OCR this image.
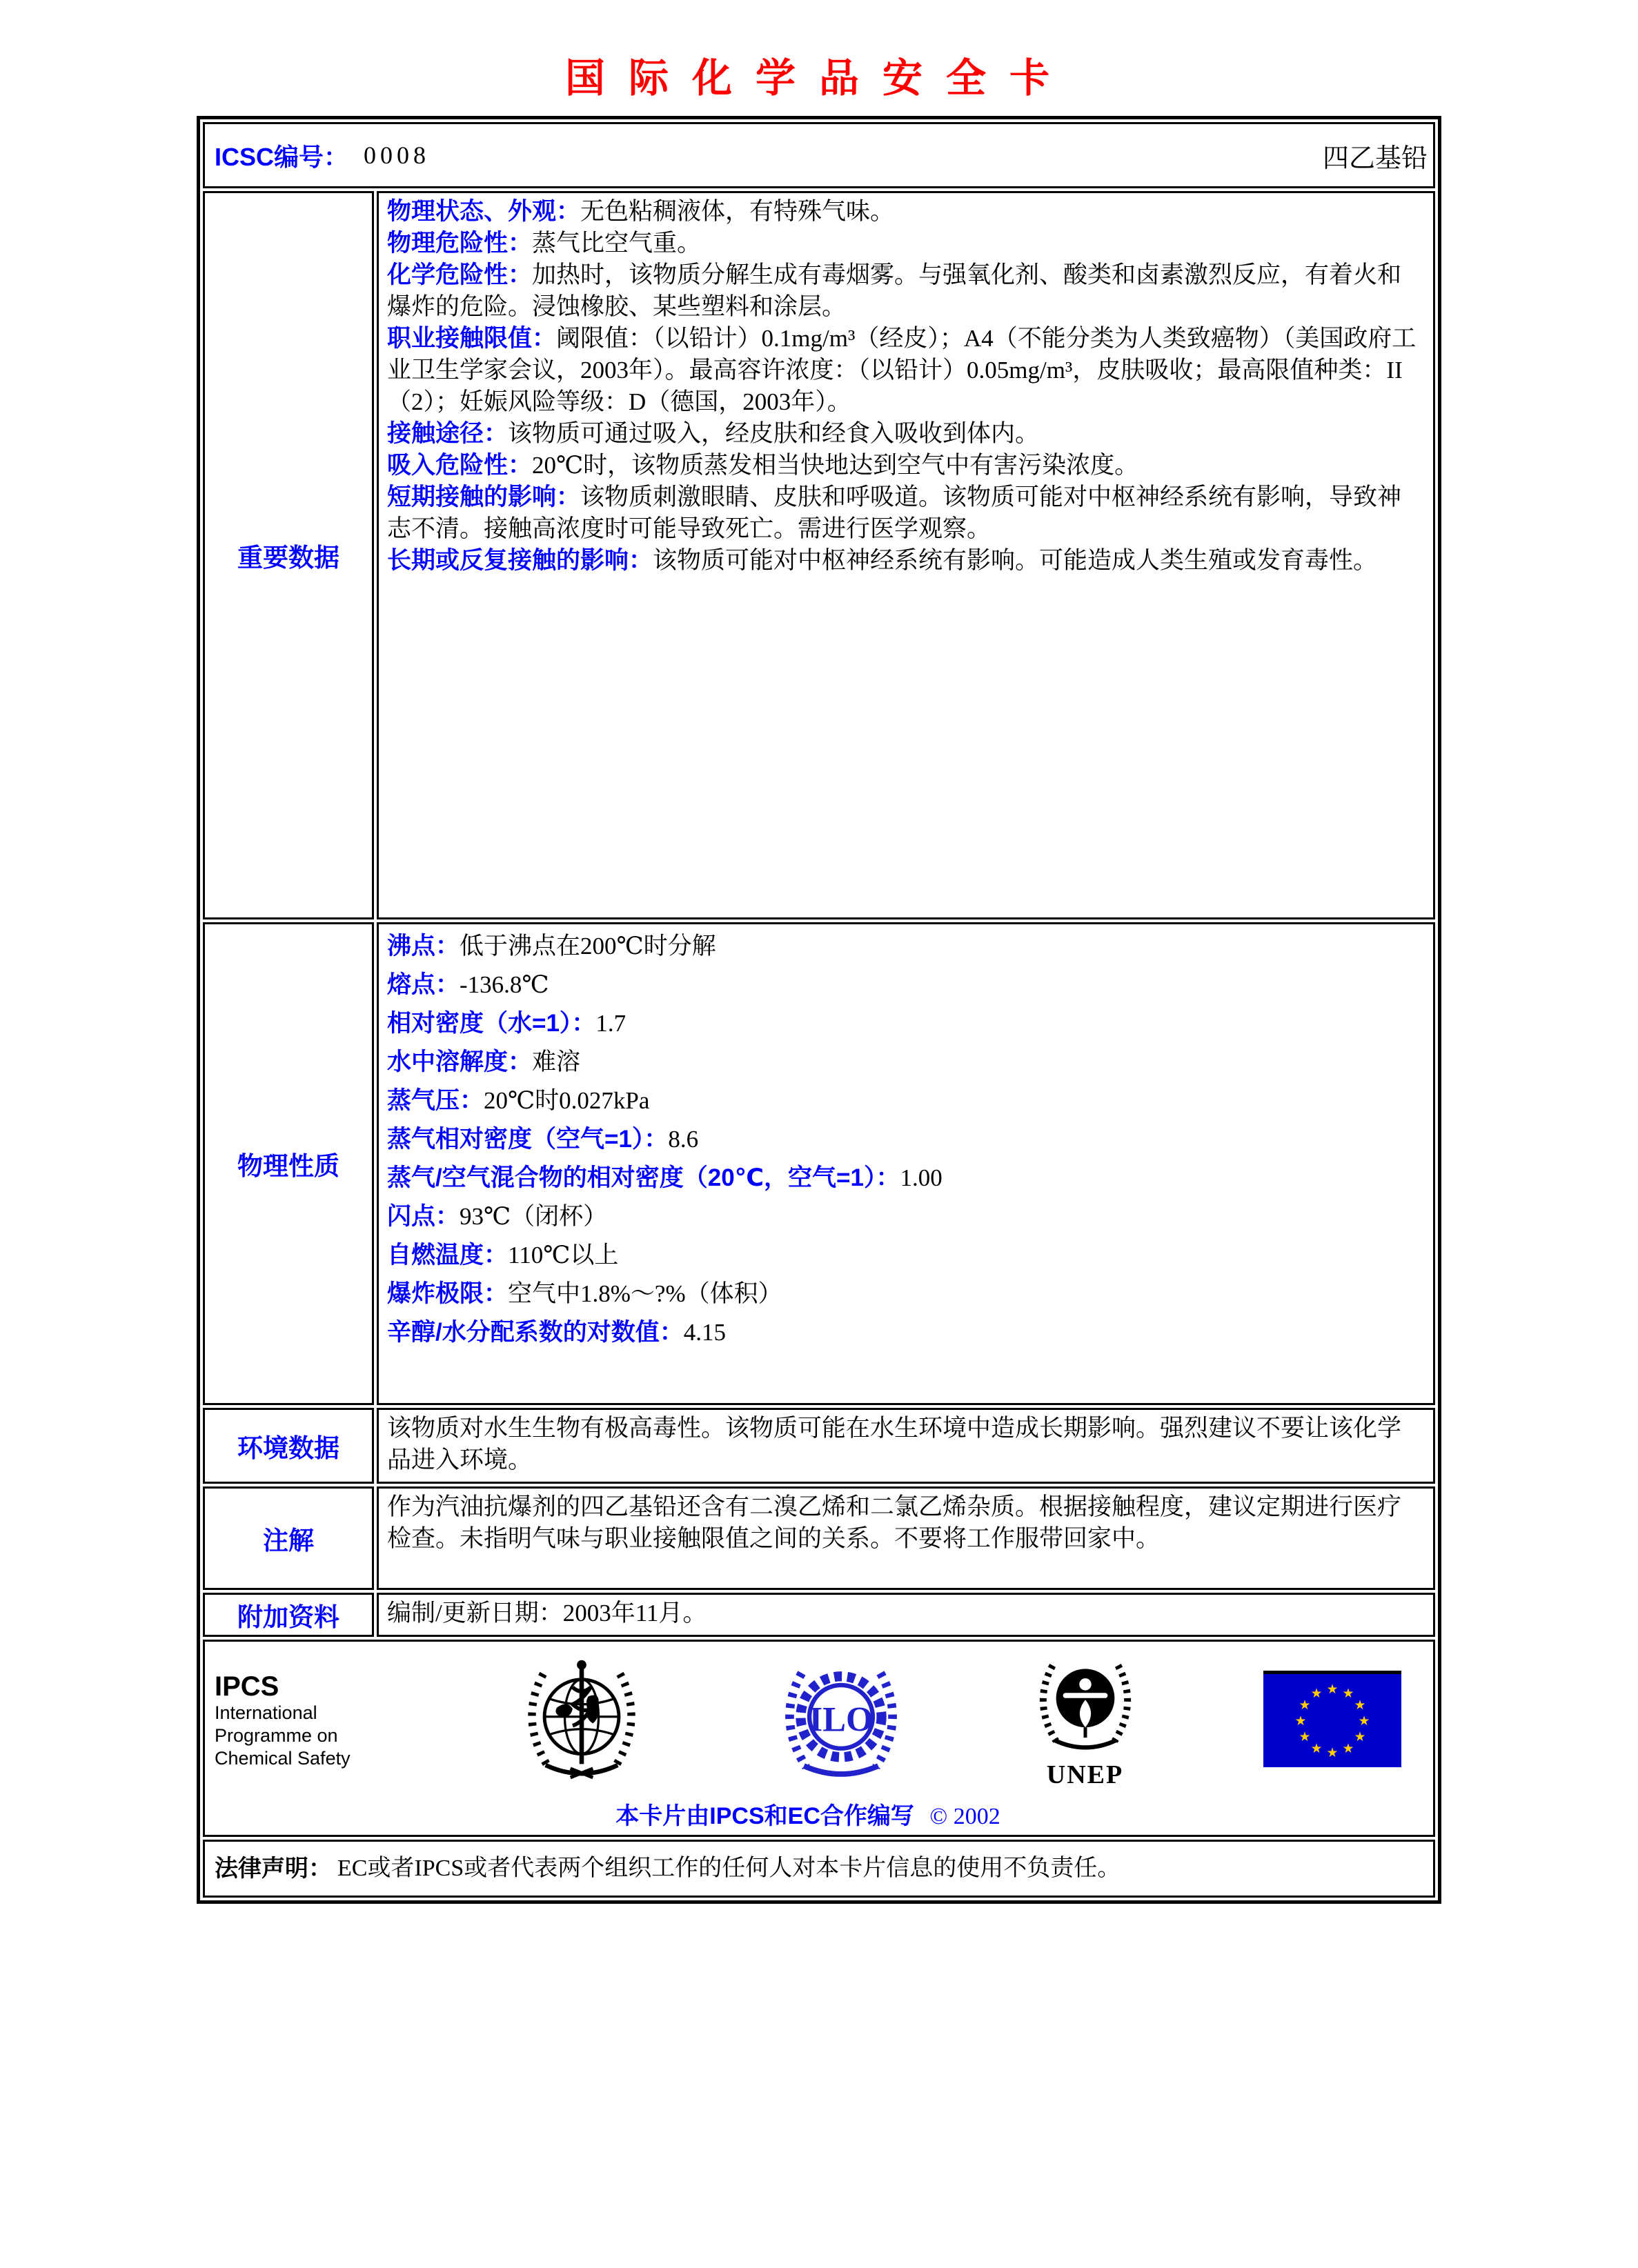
国际化学品安全卡
ICSC编号： 0008	四乙基铅
重要数据
物理状态、外观：无色粘稠液体，有特殊气味。
物理危险性：蒸气比空气重。
化学危险性：加热时，该物质分解生成有毒烟雾。与强氧化剂、酸类和卤素激烈反应，有着火和爆炸的危险。浸蚀橡胶、某些塑料和涂层。
职业接触限值：阈限值：（以铅计）0.1mg/m³（经皮）；A4（不能分类为人类致癌物）（美国政府工业卫生学家会议，2003年）。最高容许浓度：（以铅计）0.05mg/m³，皮肤吸收；最高限值种类：II（2）；妊娠风险等级：D（德国，2003年）。
接触途径：该物质可通过吸入，经皮肤和经食入吸收到体内。
吸入危险性：20℃时，该物质蒸发相当快地达到空气中有害污染浓度。
短期接触的影响：该物质刺激眼睛、皮肤和呼吸道。该物质可能对中枢神经系统有影响，导致神志不清。接触高浓度时可能导致死亡。需进行医学观察。
长期或反复接触的影响：该物质可能对中枢神经系统有影响。可能造成人类生殖或发育毒性。
物理性质
沸点：低于沸点在200℃时分解
熔点：-136.8℃
相对密度（水=1）：1.7
水中溶解度：难溶
蒸气压：20℃时0.027kPa
蒸气相对密度（空气=1）：8.6
蒸气/空气混合物的相对密度（20℃，空气=1）：1.00
闪点：93℃（闭杯）
自燃温度：110℃以上
爆炸极限：空气中1.8%～?%（体积）
辛醇/水分配系数的对数值：4.15
环境数据
该物质对水生生物有极高毒性。该物质可能在水生环境中造成长期影响。强烈建议不要让该化学品进入环境。
注解
作为汽油抗爆剂的四乙基铅还含有二溴乙烯和二氯乙烯杂质。根据接触程度，建议定期进行医疗检查。未指明气味与职业接触限值之间的关系。不要将工作服带回家中。
附加资料 编制/更新日期：2003年11月。
IPCS
International
Programme on
Chemical Safety
ILO
UNEP
★ ★
★
★
★
★
★
★
★
★
★
★
本卡片由IPCS和EC合作编写 © 2002
法律声明： EC或者IPCS或者代表两个组织工作的任何人对本卡片信息的使用不负责任。
